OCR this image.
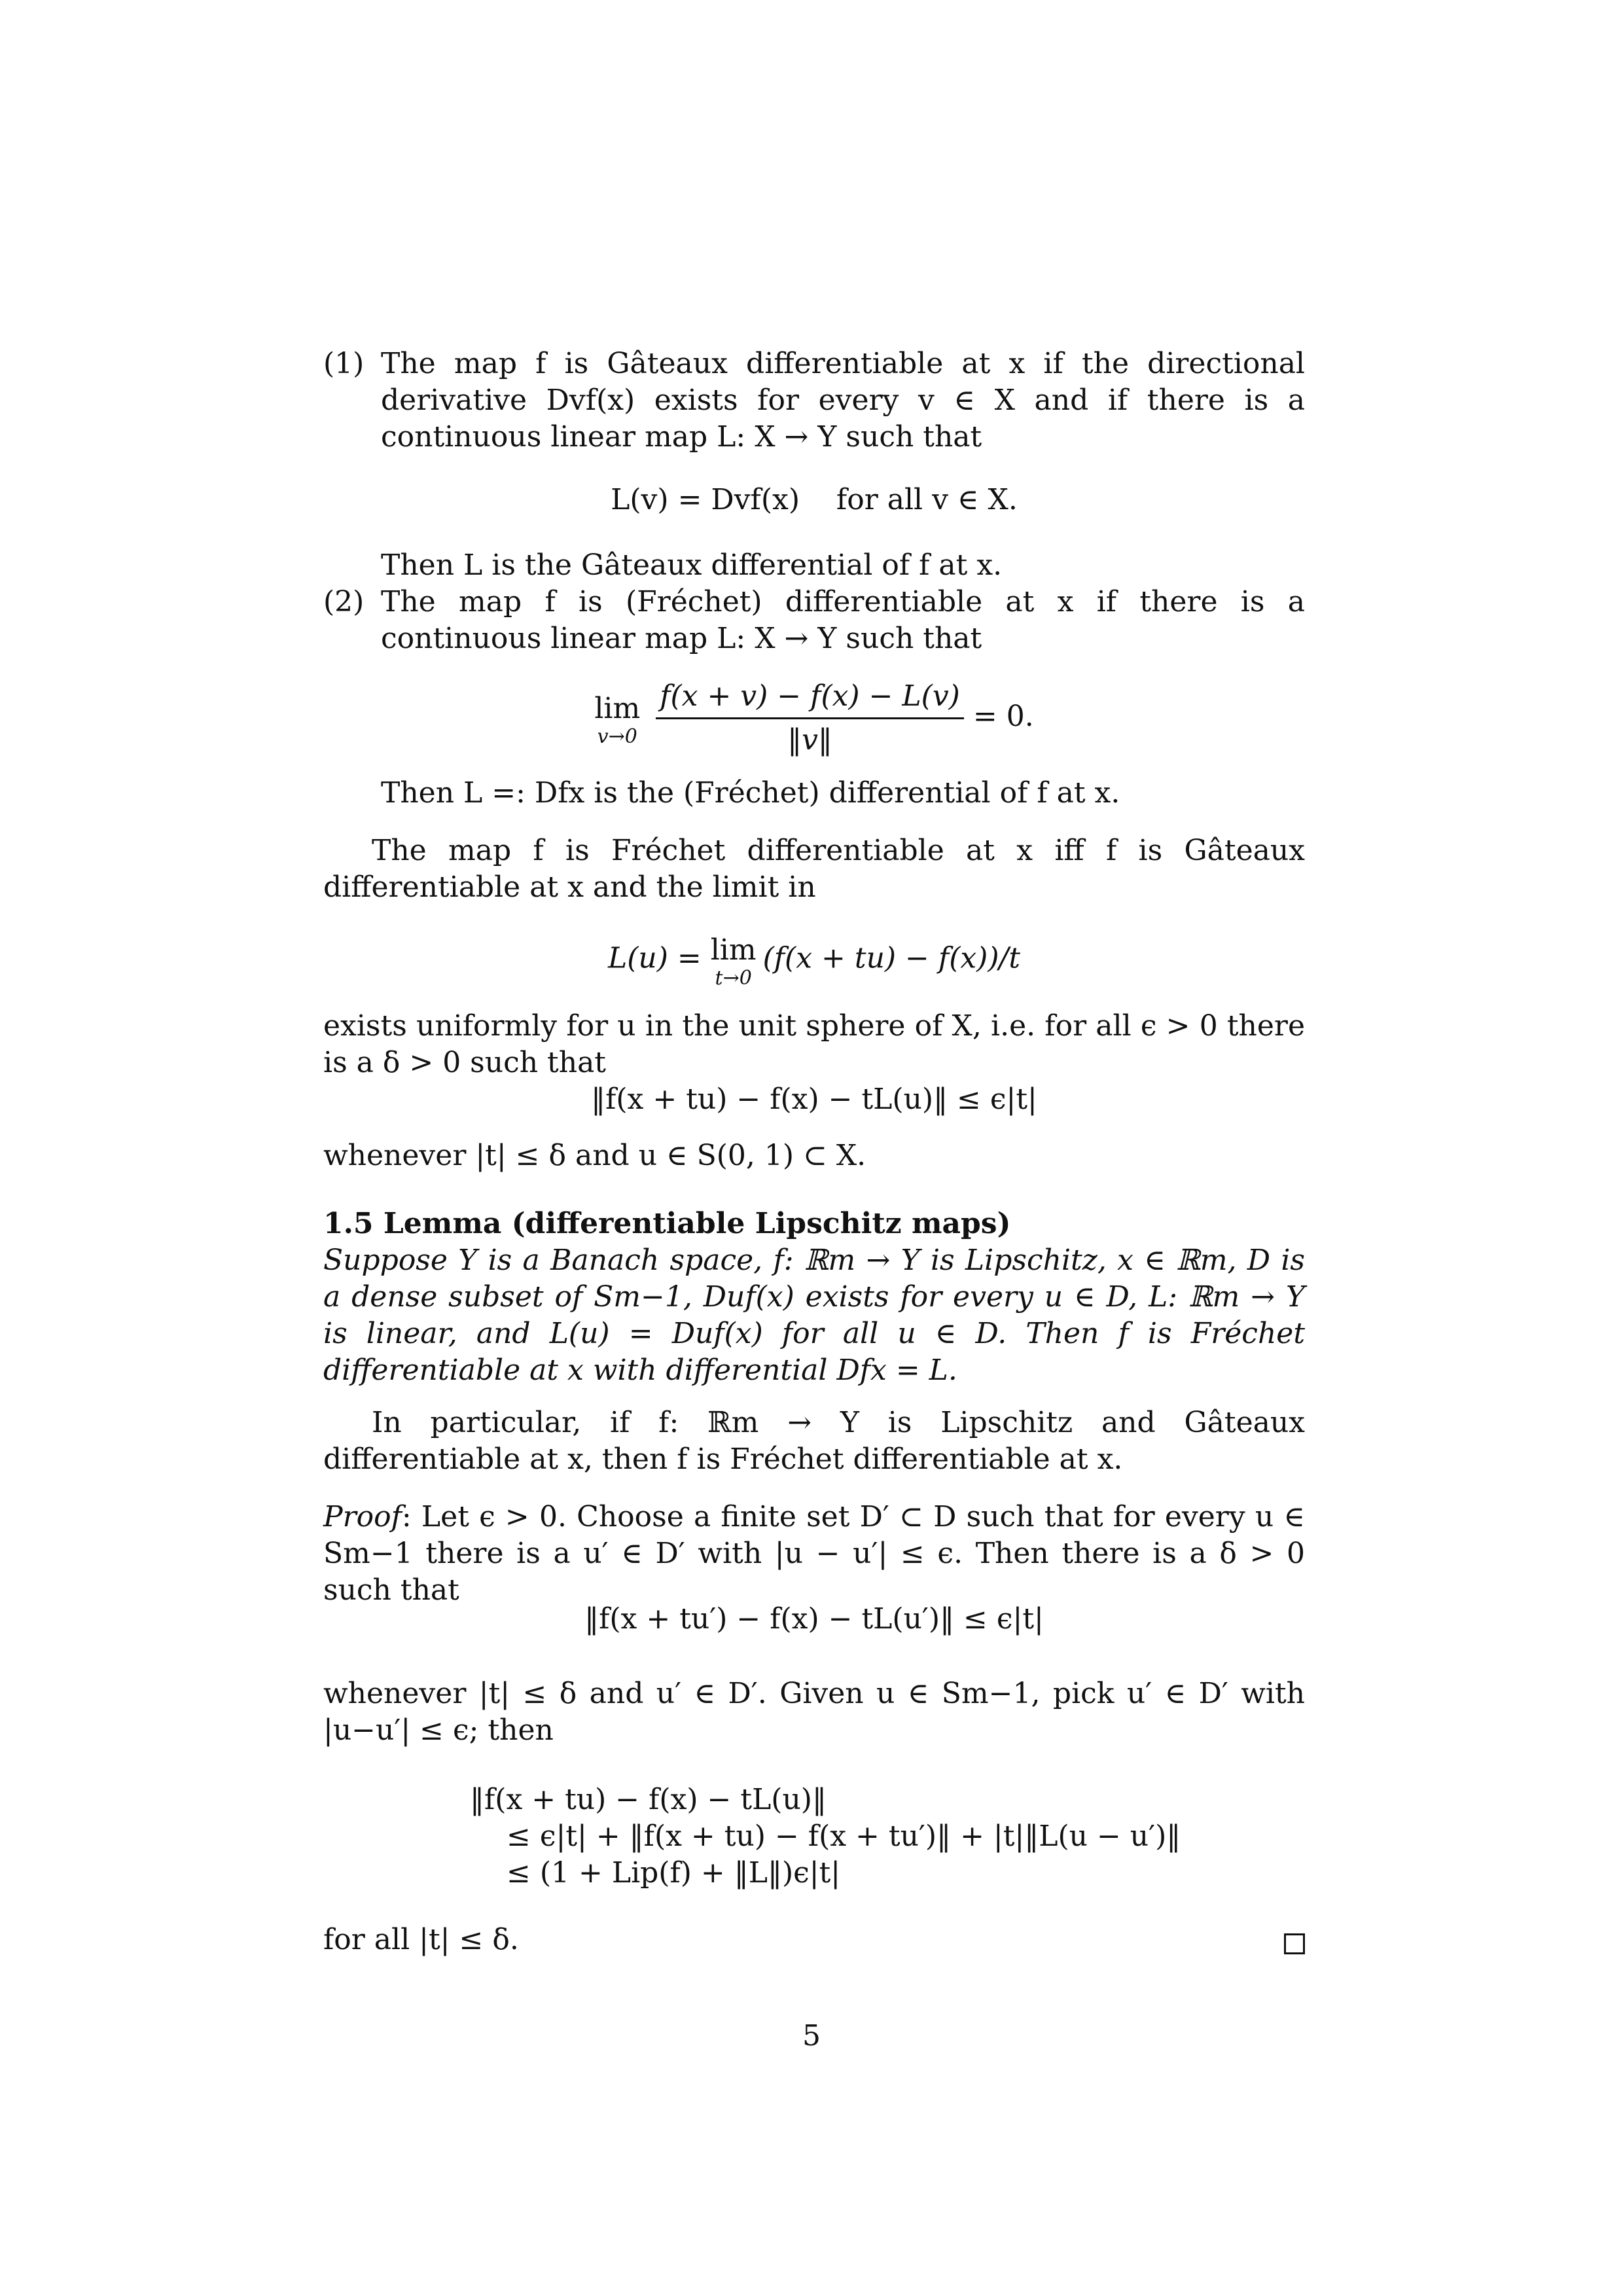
(1) The map f is Gâteaux differentiable at x if the directional derivative Dvf(x) exists for every v ∈ X and if there is a continuous linear map L: X → Y such that
L(v) = Dvf(x)    for all v ∈ X.
Then L is the Gâteaux differential of f at x.
(2) The map f is (Fréchet) differentiable at x if there is a continuous linear map L: X → Y such that
lim
v→0
$\frac{f(x + v) - f(x) - L(v)}{‖v‖} = 0$.
Then L =: Dfx is the (Fréchet) differential of f at x.
The map f is Fréchet differentiable at x iff f is Gâteaux differentiable at x and the limit in
L(u) = lim
t→0
(f(x + tu) − f(x))/t
exists uniformly for u in the unit sphere of X, i.e. for all ϵ > 0 there is a δ > 0 such that
‖f(x + tu) − f(x) − tL(u)‖ ≤ ϵ|t|
whenever |t| ≤ δ and u ∈ S(0, 1) ⊂ X.
1.5 Lemma (differentiable Lipschitz maps)
Suppose Y is a Banach space, f: ℝm → Y is Lipschitz, x ∈ ℝm, D is a dense subset of Sm−1, Duf(x) exists for every u ∈ D, L: ℝm → Y is linear, and L(u) = Duf(x) for all u ∈ D. Then f is Fréchet differentiable at x with differential Dfx = L.
In particular, if f: ℝm → Y is Lipschitz and Gâteaux differentiable at x, then f is Fréchet differentiable at x.
Proof: Let ϵ > 0. Choose a finite set D′ ⊂ D such that for every u ∈ Sm−1 there is a u′ ∈ D′ with |u − u′| ≤ ϵ. Then there is a δ > 0 such that
‖f(x + tu′) − f(x) − tL(u′)‖ ≤ ϵ|t|
whenever |t| ≤ δ and u′ ∈ D′. Given u ∈ Sm−1, pick u′ ∈ D′ with |u−u′| ≤ ϵ; then
‖f(x + tu) − f(x) − tL(u)‖
≤ ϵ|t| + ‖f(x + tu) − f(x + tu′)‖ + |t|‖L(u − u′)‖
≤ (1 + Lip(f) + ‖L‖)ϵ|t|
for all |t| ≤ δ.
5
